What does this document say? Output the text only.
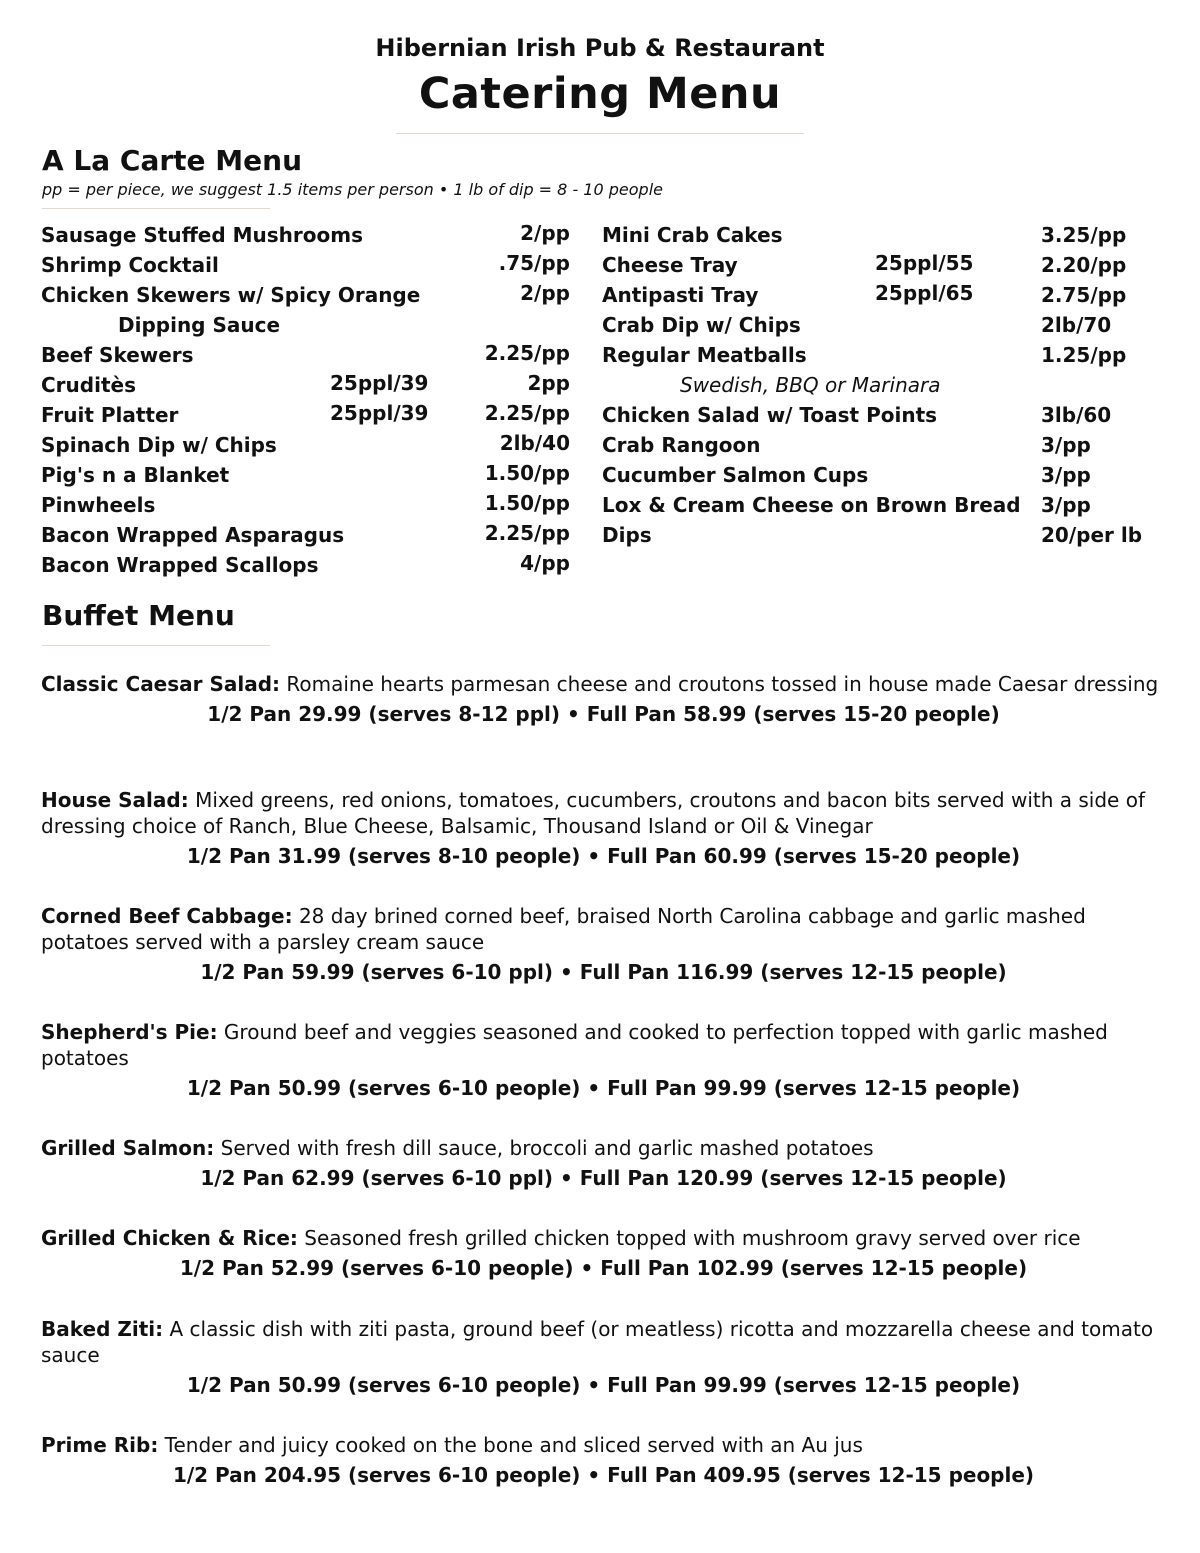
Hibernian Irish Pub & Restaurant
Catering Menu
A La Carte Menu
pp = per piece, we suggest 1.5 items per person • 1 lb of dip = 8 - 10 people
Sausage Stuffed Mushrooms	2/pp
Shrimp Cocktail	.75/pp
Chicken Skewers w/ Spicy Orange	2/pp
Dipping Sauce
Beef Skewers	2.25/pp
Cruditès	25ppl/39	2pp
Fruit Platter	25ppl/39	2.25/pp
Spinach Dip w/ Chips	2lb/40
Pig's n a Blanket	1.50/pp
Pinwheels	1.50/pp
Bacon Wrapped Asparagus	2.25/pp
Bacon Wrapped Scallops	4/pp
Mini Crab Cakes	3.25/pp
Cheese Tray	25ppl/55	2.20/pp
Antipasti Tray	25ppl/65	2.75/pp
Crab Dip w/ Chips	2lb/70
Regular Meatballs	1.25/pp
Swedish, BBQ or Marinara
Chicken Salad w/ Toast Points	3lb/60
Crab Rangoon	3/pp
Cucumber Salmon Cups	3/pp
Lox & Cream Cheese on Brown Bread 3/pp
Dips	20/per lb
Buffet Menu

Classic Caesar Salad: Romaine hearts parmesan cheese and croutons tossed in house made Caesar dressing

1/2 Pan 29.99 (serves 8-12 ppl) • Full Pan 58.99 (serves 15-20 people)

House Salad: Mixed greens, red onions, tomatoes, cucumbers, croutons and bacon bits served with a side of dressing choice of Ranch, Blue Cheese, Balsamic, Thousand Island or Oil & Vinegar

1/2 Pan 31.99 (serves 8-10 people) • Full Pan 60.99 (serves 15-20 people)

Corned Beef Cabbage: 28 day brined corned beef, braised North Carolina cabbage and garlic mashed potatoes served with a parsley cream sauce

1/2 Pan 59.99 (serves 6-10 ppl) • Full Pan 116.99 (serves 12-15 people)

Shepherd's Pie: Ground beef and veggies seasoned and cooked to perfection topped with garlic mashed potatoes

1/2 Pan 50.99 (serves 6-10 people) • Full Pan 99.99 (serves 12-15 people)

Grilled Salmon: Served with fresh dill sauce, broccoli and garlic mashed potatoes

1/2 Pan 62.99 (serves 6-10 ppl) • Full Pan 120.99 (serves 12-15 people)

Grilled Chicken & Rice: Seasoned fresh grilled chicken topped with mushroom gravy served over rice

1/2 Pan 52.99 (serves 6-10 people) • Full Pan 102.99 (serves 12-15 people)

Baked Ziti: A classic dish with ziti pasta, ground beef (or meatless) ricotta and mozzarella cheese and tomato sauce

1/2 Pan 50.99 (serves 6-10 people) • Full Pan 99.99 (serves 12-15 people)

Prime Rib: Tender and juicy cooked on the bone and sliced served with an Au jus

1/2 Pan 204.95 (serves 6-10 people) • Full Pan 409.95 (serves 12-15 people)
